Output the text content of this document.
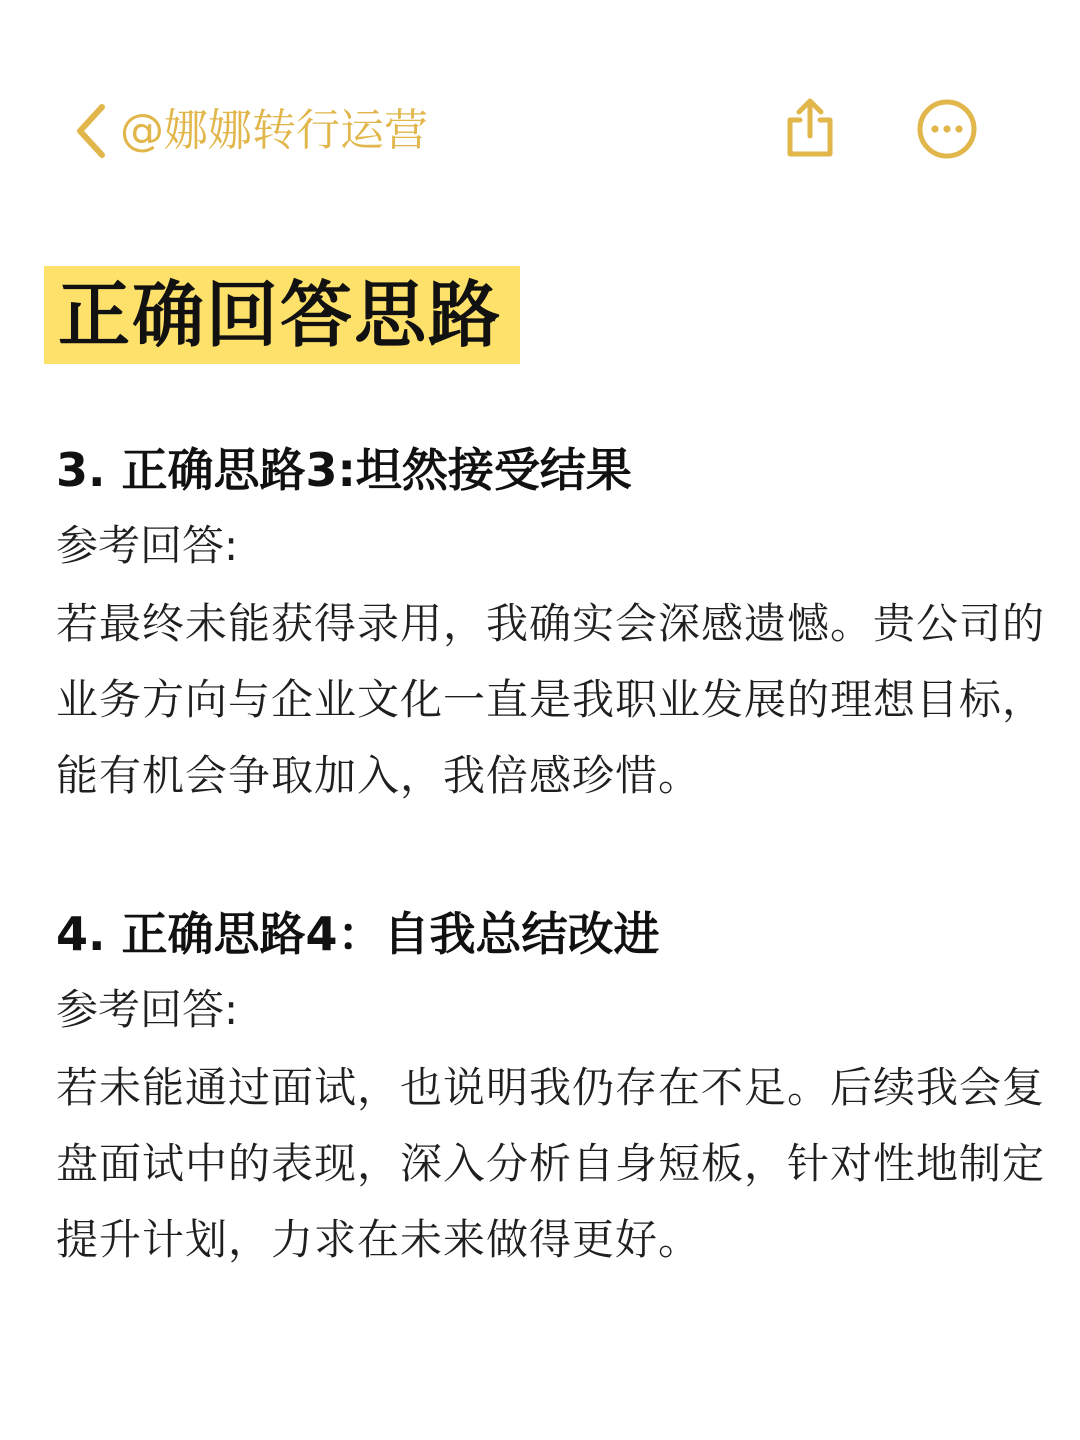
@娜娜转行运营
正确回答思路
3. 正确思路3:坦然接受结果
参考回答:
若最终未能获得录用，我确实会深感遗憾。贵公司的业务方向与企业文化一直是我职业发展的理想目标，能有机会争取加入，我倍感珍惜。
4. 正确思路4：自我总结改进
参考回答:
若未能通过面试，也说明我仍存在不足。后续我会复盘面试中的表现，深入分析自身短板，针对性地制定提升计划，力求在未来做得更好。
